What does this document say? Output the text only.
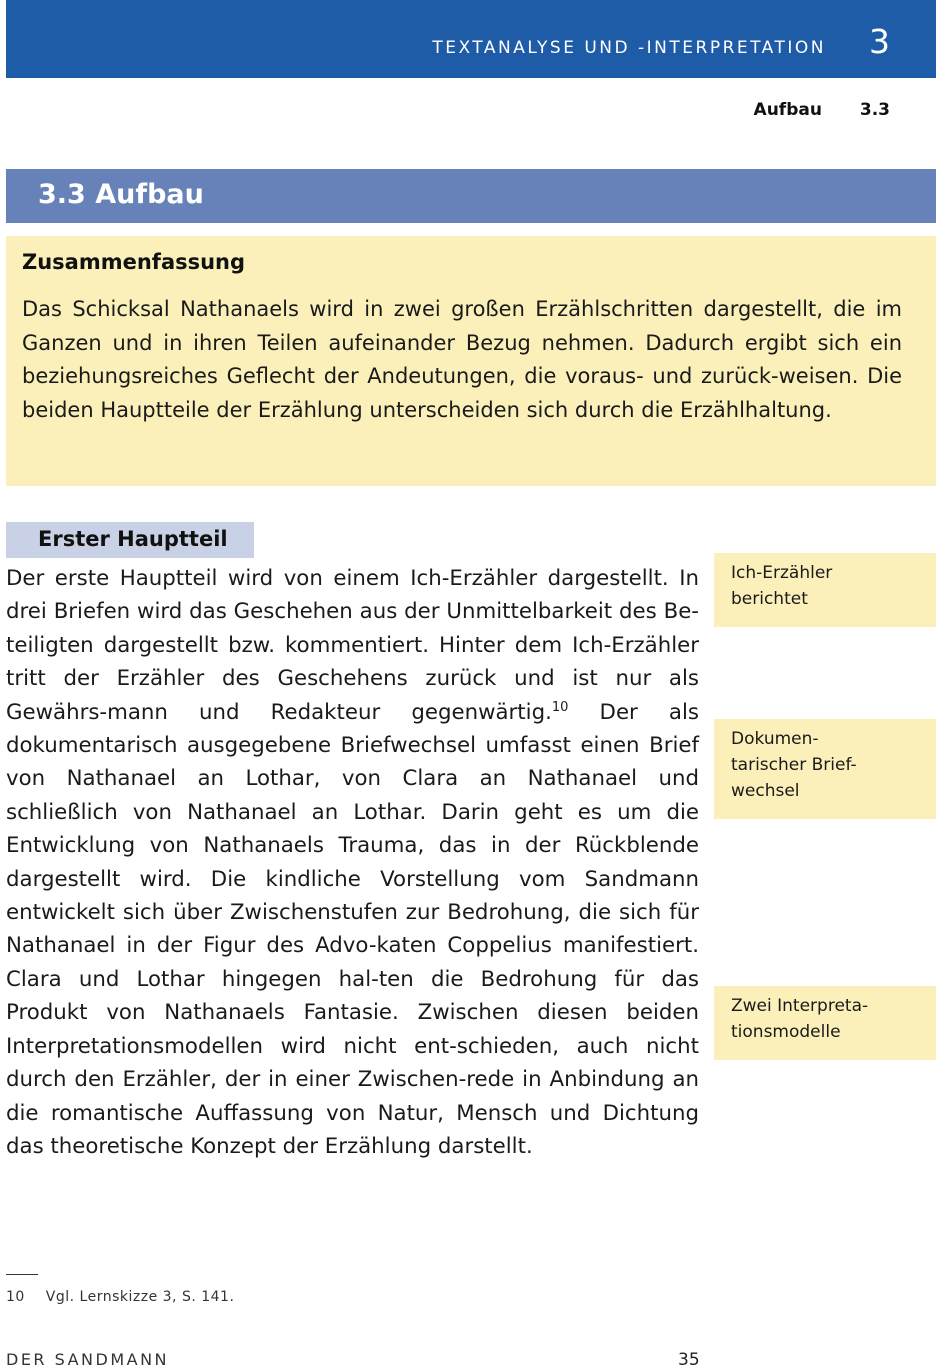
TEXTANALYSE UND -INTERPRETATION 3
Aufbau 3.3
3.3 Aufbau
Zusammenfassung

Das Schicksal Nathanaels wird in zwei großen Erzählschritten dargestellt, die im Ganzen und in ihren Teilen aufeinander Bezug nehmen. Dadurch ergibt sich ein beziehungsreiches Geflecht der Andeutungen, die voraus- und zurück-weisen. Die beiden Hauptteile der Erzählung unterscheiden sich durch die Erzählhaltung.

Erster Hauptteil

Der erste Hauptteil wird von einem Ich-Erzähler dargestellt. In drei Briefen wird das Geschehen aus der Unmittelbarkeit des Be-teiligten dargestellt bzw. kommentiert. Hinter dem Ich-Erzähler tritt der Erzähler des Geschehens zurück und ist nur als Gewährs-mann und Redakteur gegenwärtig.$^{10}$ Der als dokumentarisch ausgegebene Briefwechsel umfasst einen Brief von Nathanael an Lothar, von Clara an Nathanael und schließlich von Nathanael an Lothar. Darin geht es um die Entwicklung von Nathanaels Trauma, das in der Rückblende dargestellt wird. Die kindliche Vorstellung vom Sandmann entwickelt sich über Zwischenstufen zur Bedrohung, die sich für Nathanael in der Figur des Advo-katen Coppelius manifestiert. Clara und Lothar hingegen hal-ten die Bedrohung für das Produkt von Nathanaels Fantasie. Zwischen diesen beiden Interpretationsmodellen wird nicht ent-schieden, auch nicht durch den Erzähler, der in einer Zwischen-rede in Anbindung an die romantische Auffassung von Natur, Mensch und Dichtung das theoretische Konzept der Erzählung darstellt.

Ich-Erzähler
berichtet
Dokumen-
tarischer Brief-
wechsel
Zwei Interpreta-
tionsmodelle
10 Vgl. Lernskizze 3, S. 141.
DER SANDMANN	35
